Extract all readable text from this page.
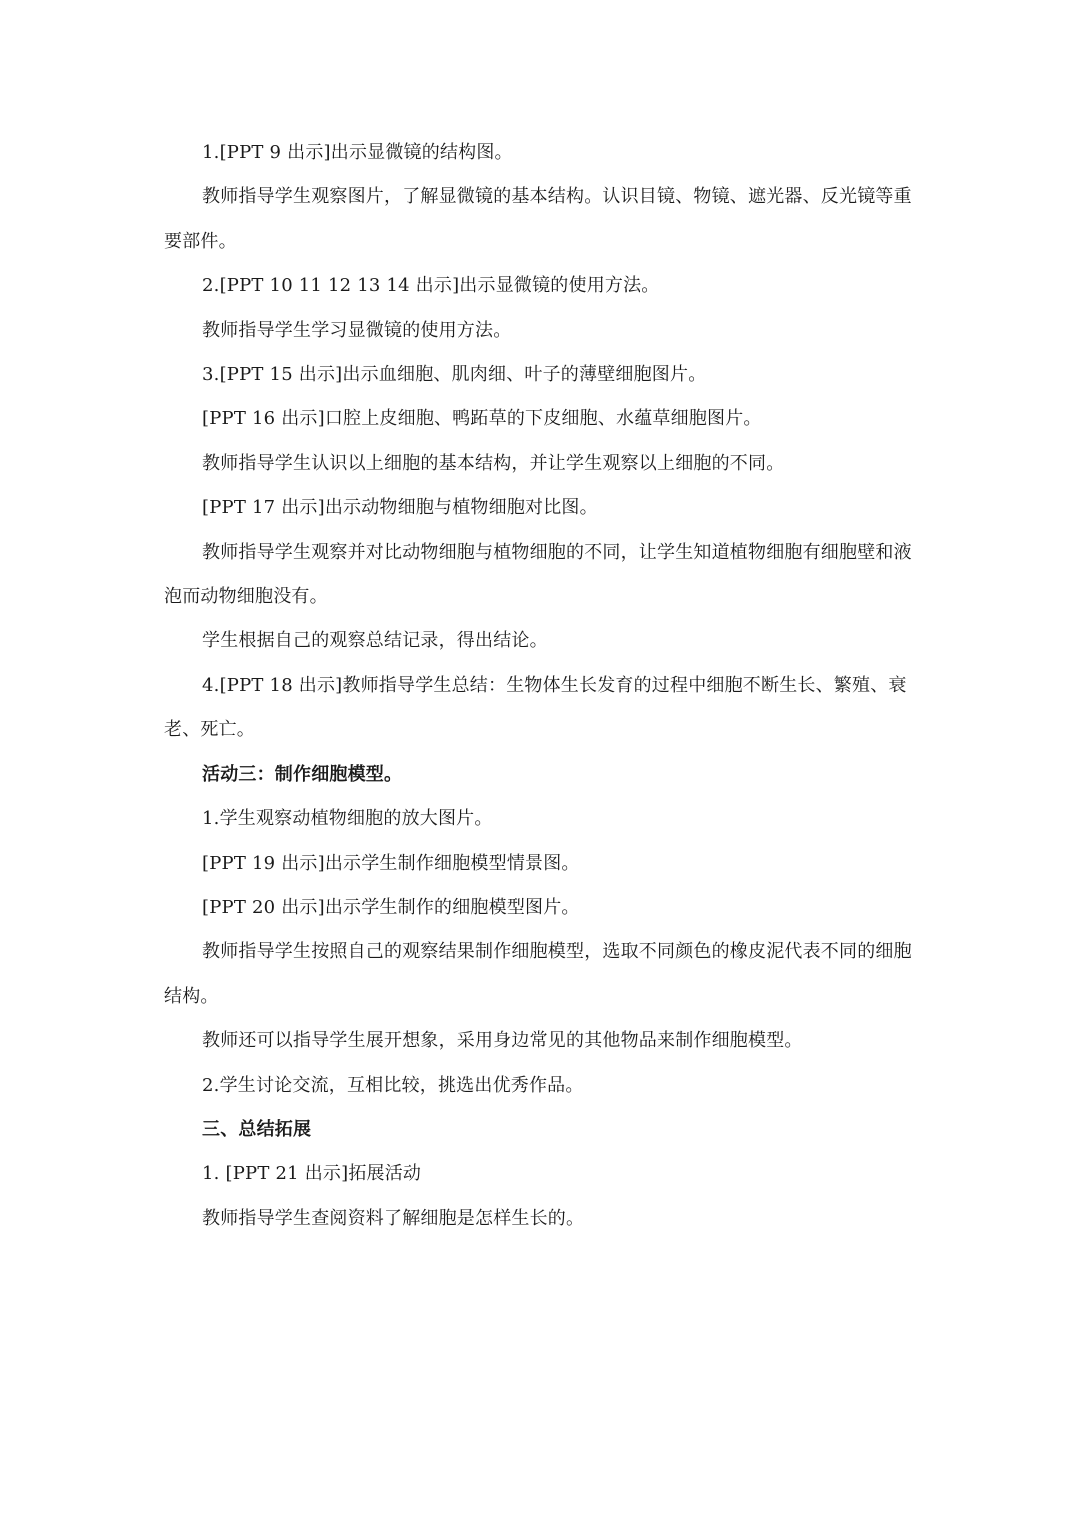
1.[PPT 9 出示]出示显微镜的结构图。

教师指导学生观察图片，了解显微镜的基本结构。认识目镜、物镜、遮光器、反光镜等重要部件。

2.[PPT 10 11 12 13 14 出示]出示显微镜的使用方法。

教师指导学生学习显微镜的使用方法。

3.[PPT 15 出示]出示血细胞、肌肉细、叶子的薄壁细胞图片。

[PPT 16 出示]口腔上皮细胞、鸭跖草的下皮细胞、水蕴草细胞图片。

教师指导学生认识以上细胞的基本结构，并让学生观察以上细胞的不同。

[PPT 17 出示]出示动物细胞与植物细胞对比图。

教师指导学生观察并对比动物细胞与植物细胞的不同，让学生知道植物细胞有细胞壁和液泡而动物细胞没有。

学生根据自己的观察总结记录，得出结论。

4.[PPT 18 出示]教师指导学生总结：生物体生长发育的过程中细胞不断生长、繁殖、衰老、死亡。

活动三：制作细胞模型。

1.学生观察动植物细胞的放大图片。

[PPT 19 出示]出示学生制作细胞模型情景图。

[PPT 20 出示]出示学生制作的细胞模型图片。

教师指导学生按照自己的观察结果制作细胞模型，选取不同颜色的橡皮泥代表不同的细胞结构。

教师还可以指导学生展开想象，采用身边常见的其他物品来制作细胞模型。

2.学生讨论交流，互相比较，挑选出优秀作品。

三、总结拓展

1. [PPT 21 出示]拓展活动

教师指导学生查阅资料了解细胞是怎样生长的。
